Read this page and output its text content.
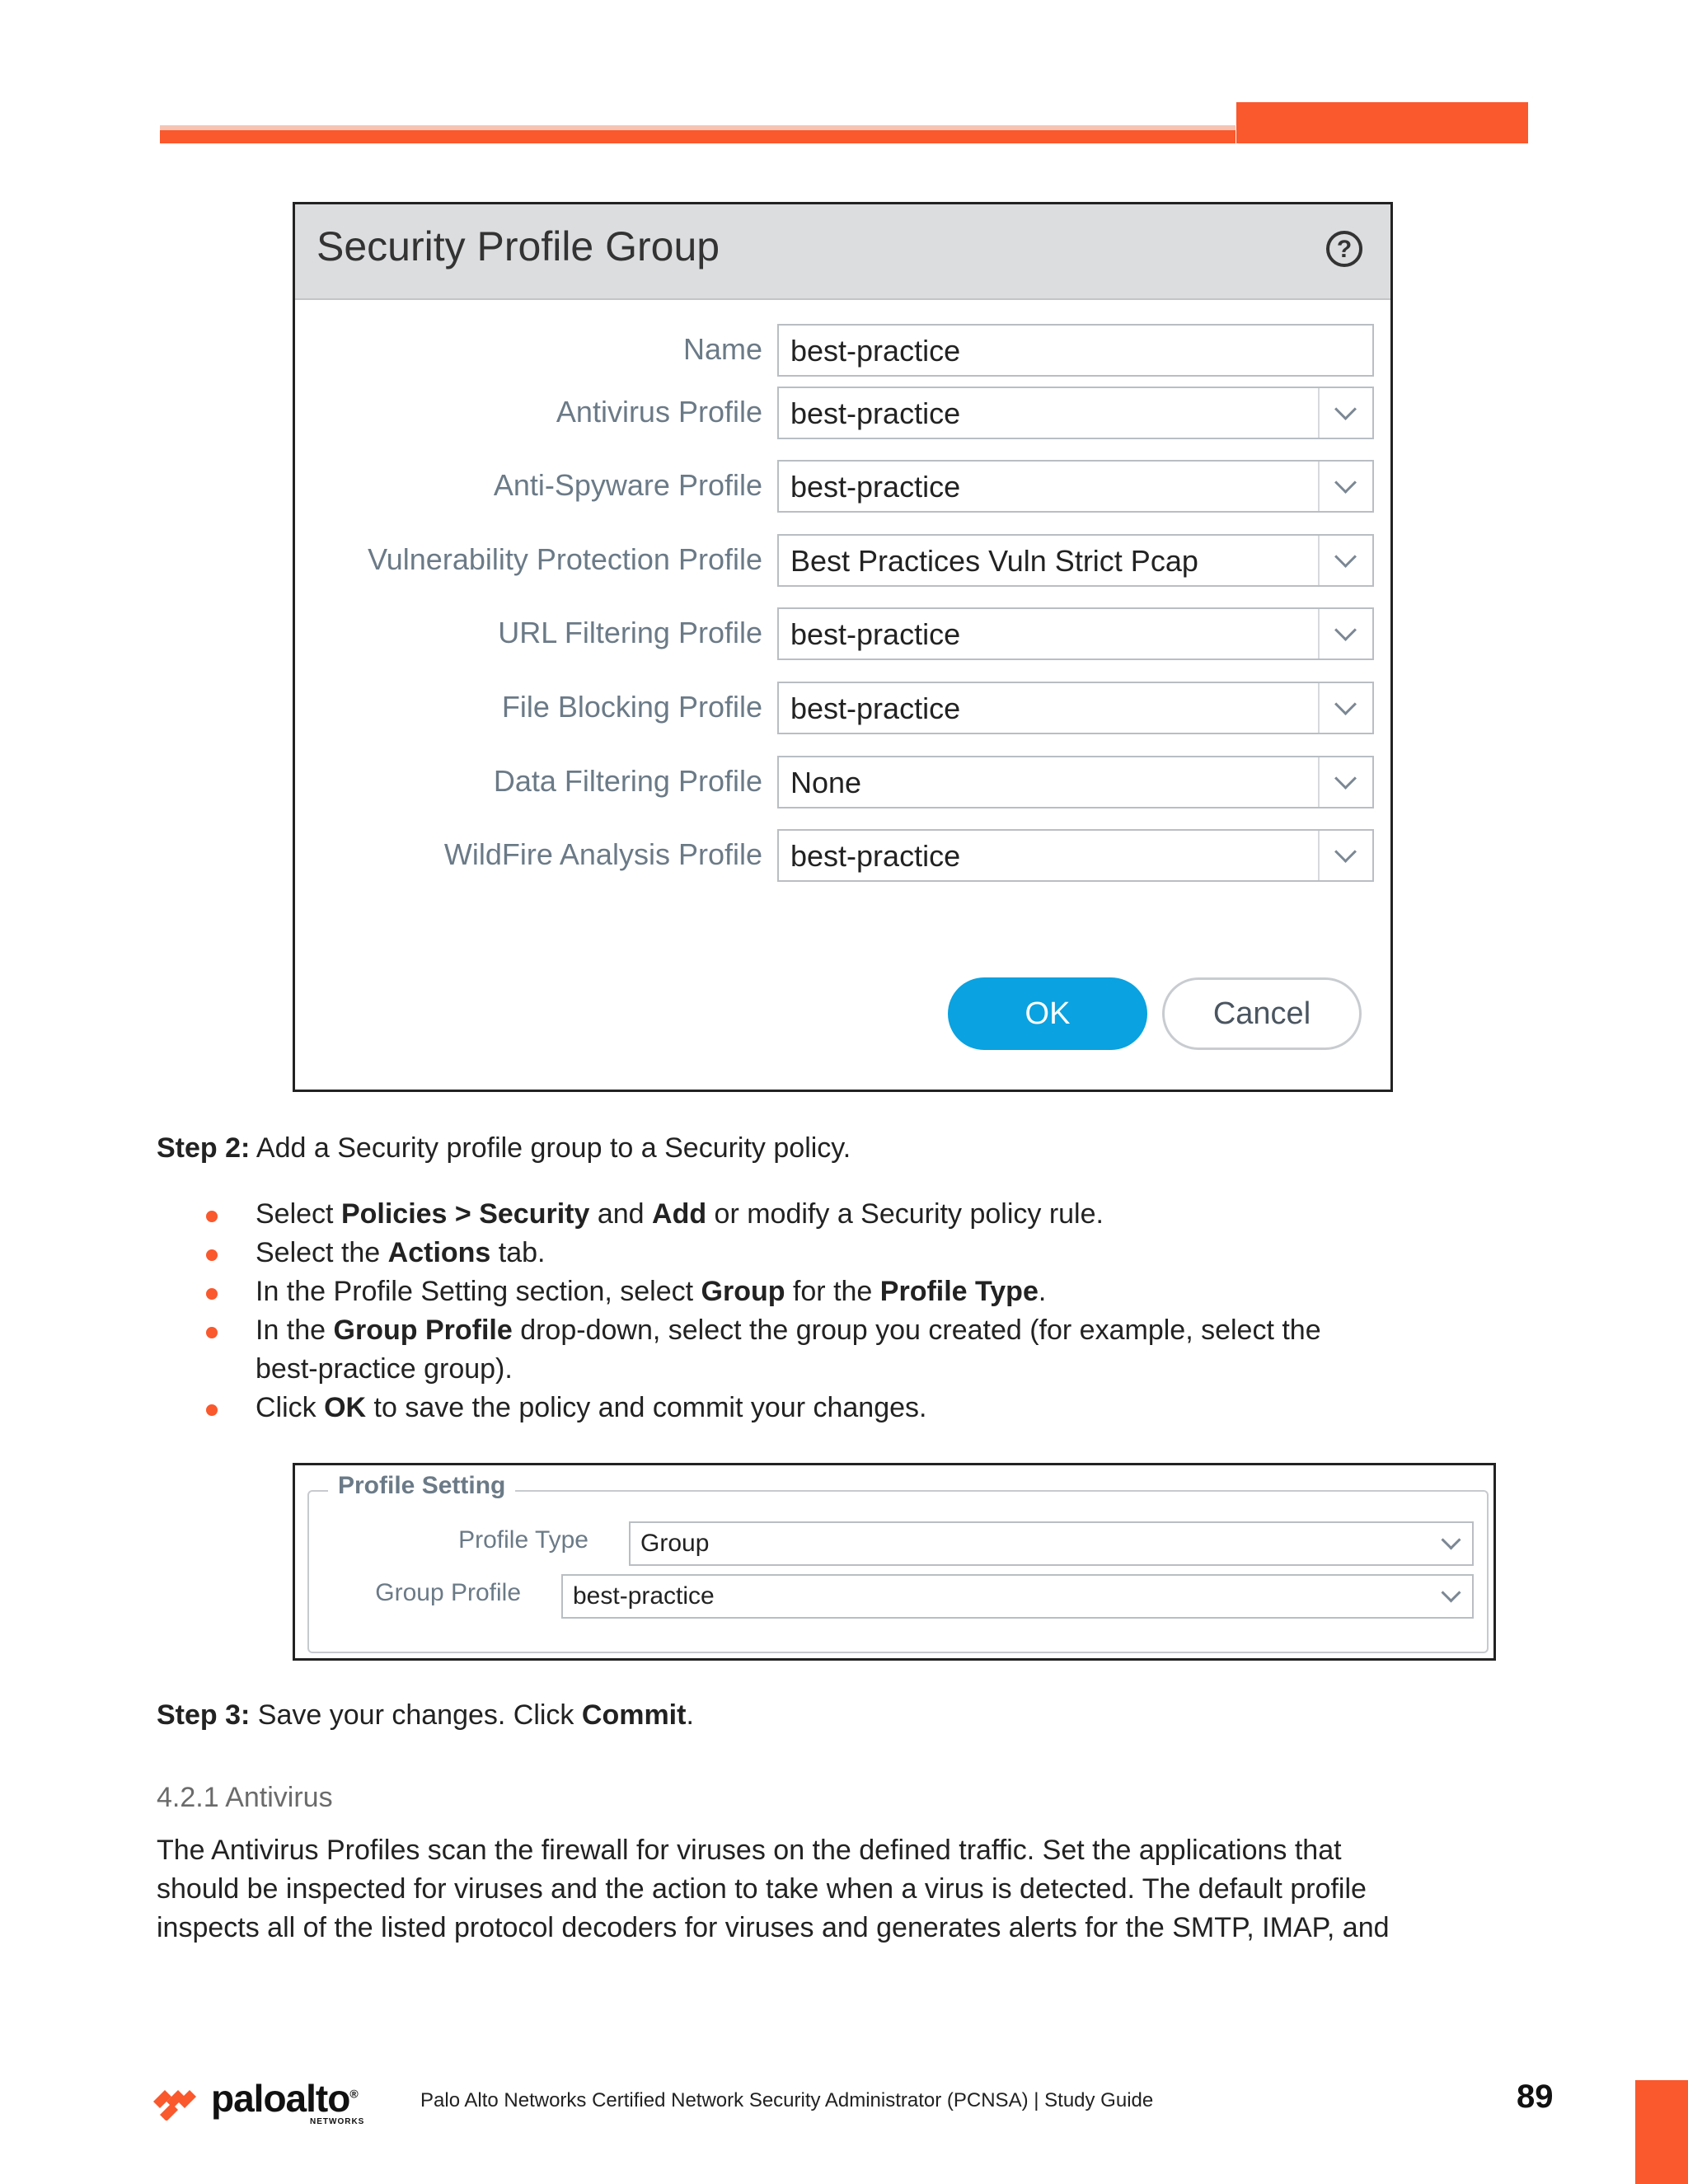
Security Profile Group	?
Name best-practice
Antivirus Profile best-practice
Anti-Spyware Profile best-practice
Vulnerability Protection Profile Best Practices Vuln Strict Pcap
URL Filtering Profile best-practice
File Blocking Profile best-practice
Data Filtering Profile None
WildFire Analysis Profile best-practice
OK	Cancel
Step 2: Add a Security profile group to a Security policy.
Select Policies > Security and Add or modify a Security policy rule.
Select the Actions tab.
In the Profile Setting section, select Group for the Profile Type.
In the Group Profile drop-down, select the group you created (for example, select the
best-practice group).
Click OK to save the policy and commit your changes.
Profile Setting
Profile Type Group
Group Profile best-practice
Step 3: Save your changes. Click Commit.
4.2.1 Antivirus
The Antivirus Profiles scan the firewall for viruses on the defined traffic. Set the applications that
should be inspected for viruses and the action to take when a virus is detected. The default profile
inspects all of the listed protocol decoders for viruses and generates alerts for the SMTP, IMAP, and
paloalto®
NETWORKS
Palo Alto Networks Certified Network Security Administrator (PCNSA) | Study Guide	89
